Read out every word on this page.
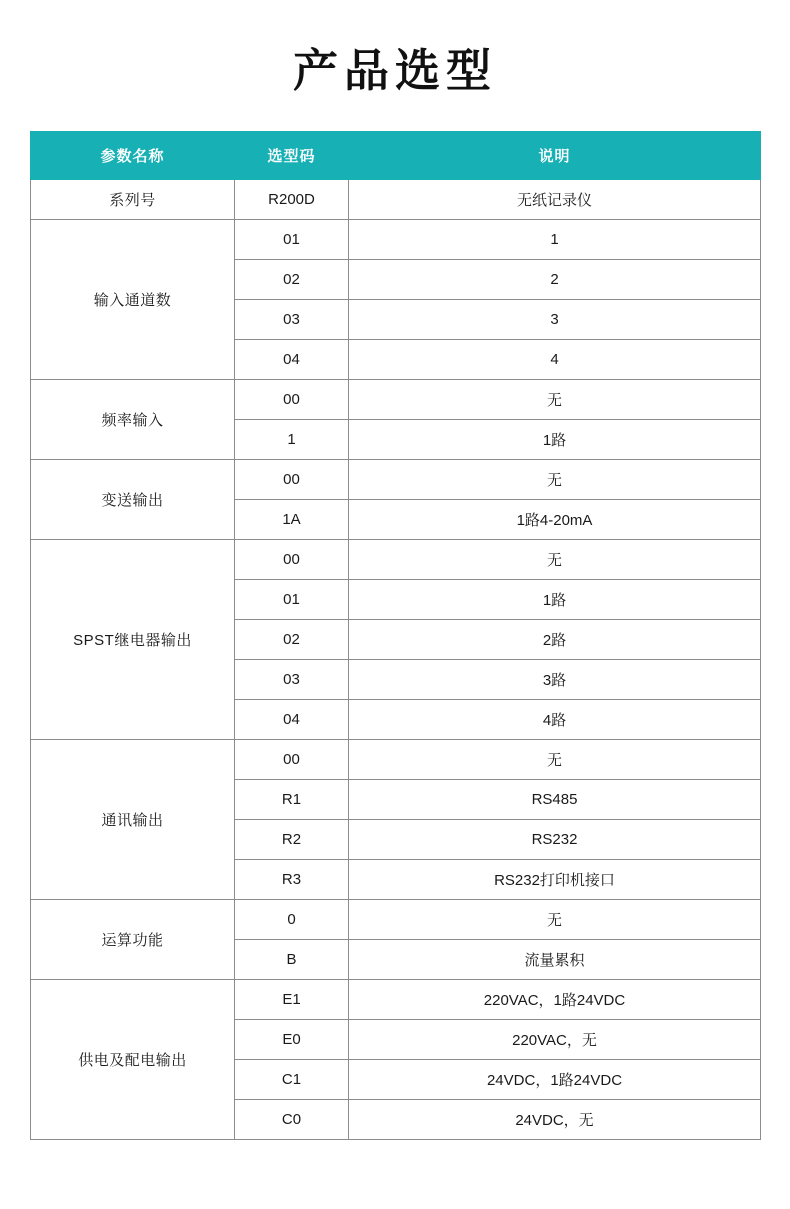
产品选型
参数名称	选型码	说明
系列号	R200D	无纸记录仪
输入通道数	01	1
	02	2
	03	3
	04	4
频率输入	00	无
	1	1路
变送输出	00	无
	1A	1路4-20mA
SPST继电器输出	00	无
	01	1路
	02	2路
	03	3路
	04	4路
通讯输出	00	无
	R1	RS485
	R2	RS232
	R3	RS232打印机接口
运算功能	0	无
	B	流量累积
供电及配电输出	E1	220VAC，1路24VDC
	E0	220VAC，无
	C1	24VDC，1路24VDC
	C0	24VDC，无
